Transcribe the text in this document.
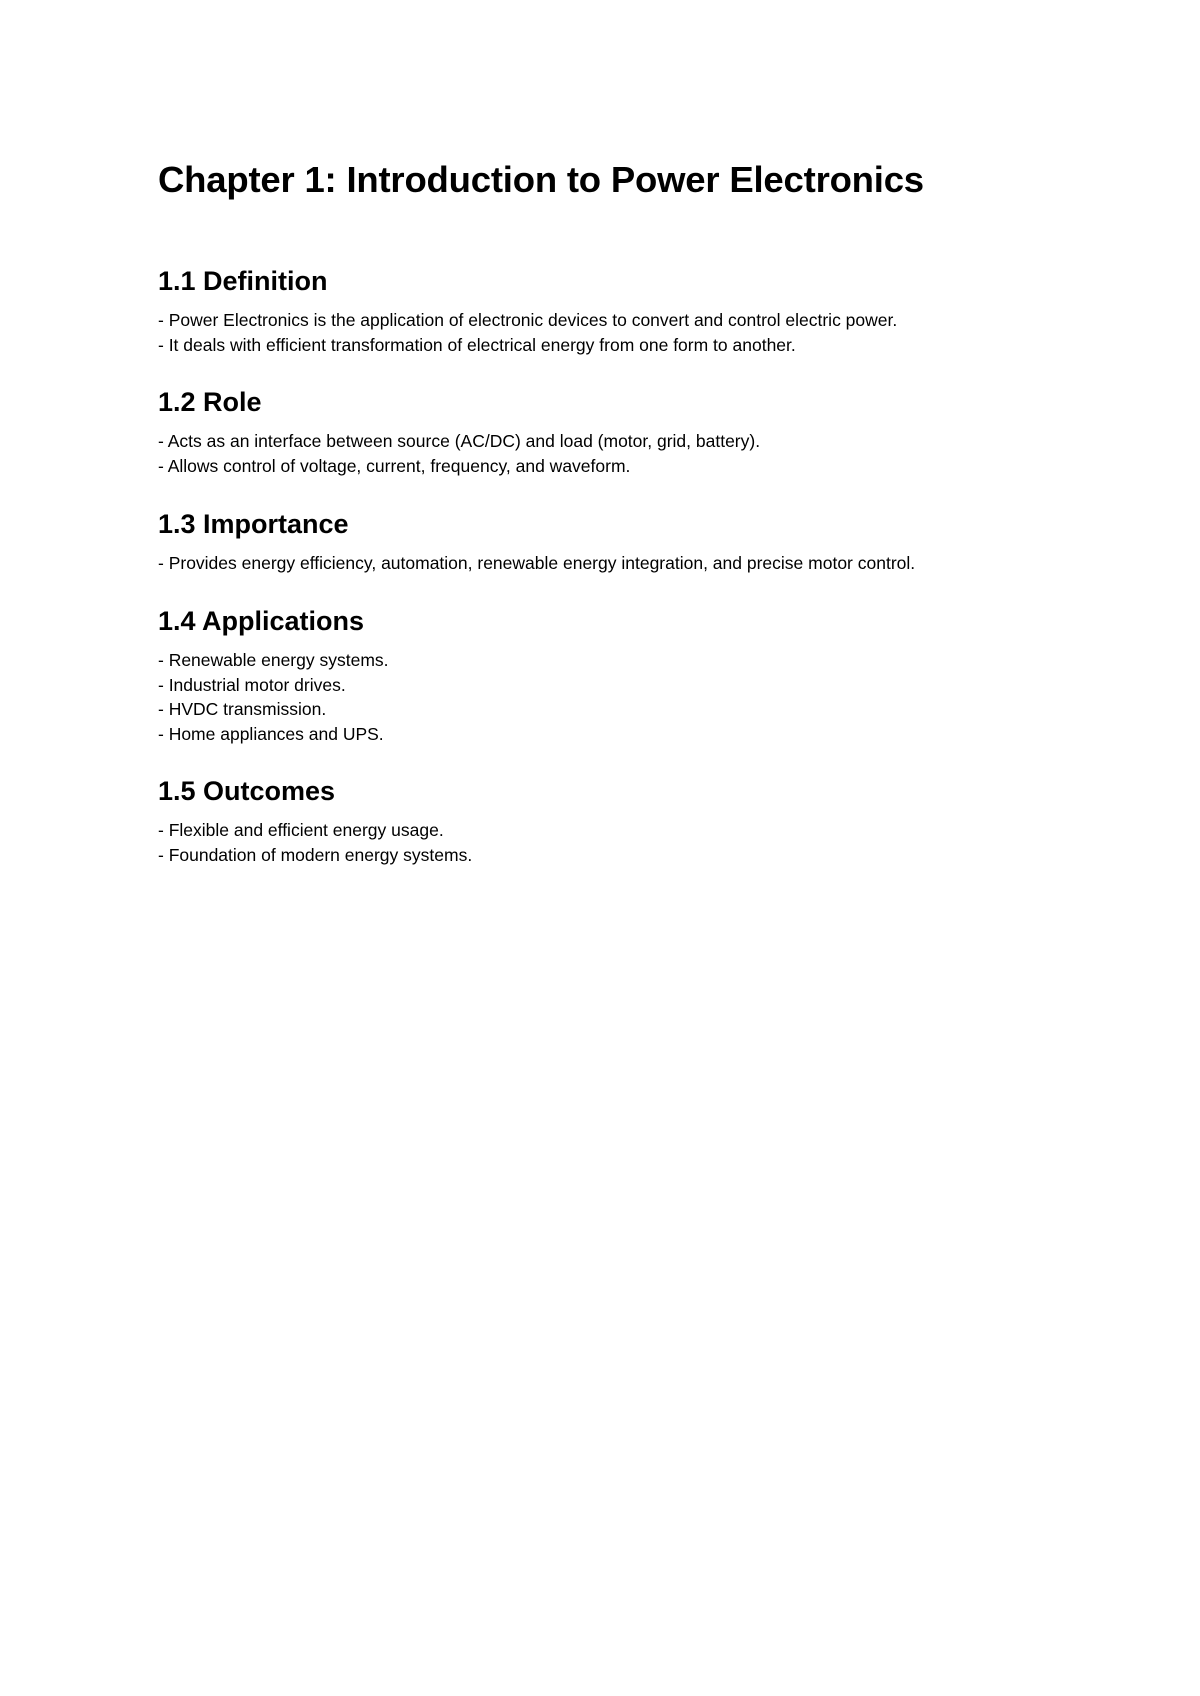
Chapter 1: Introduction to Power Electronics
1.1 Definition
- Power Electronics is the application of electronic devices to convert and control electric power.
- It deals with efficient transformation of electrical energy from one form to another.
1.2 Role
- Acts as an interface between source (AC/DC) and load (motor, grid, battery).
- Allows control of voltage, current, frequency, and waveform.
1.3 Importance
- Provides energy efficiency, automation, renewable energy integration, and precise motor control.
1.4 Applications
- Renewable energy systems.
- Industrial motor drives.
- HVDC transmission.
- Home appliances and UPS.
1.5 Outcomes
- Flexible and efficient energy usage.
- Foundation of modern energy systems.
